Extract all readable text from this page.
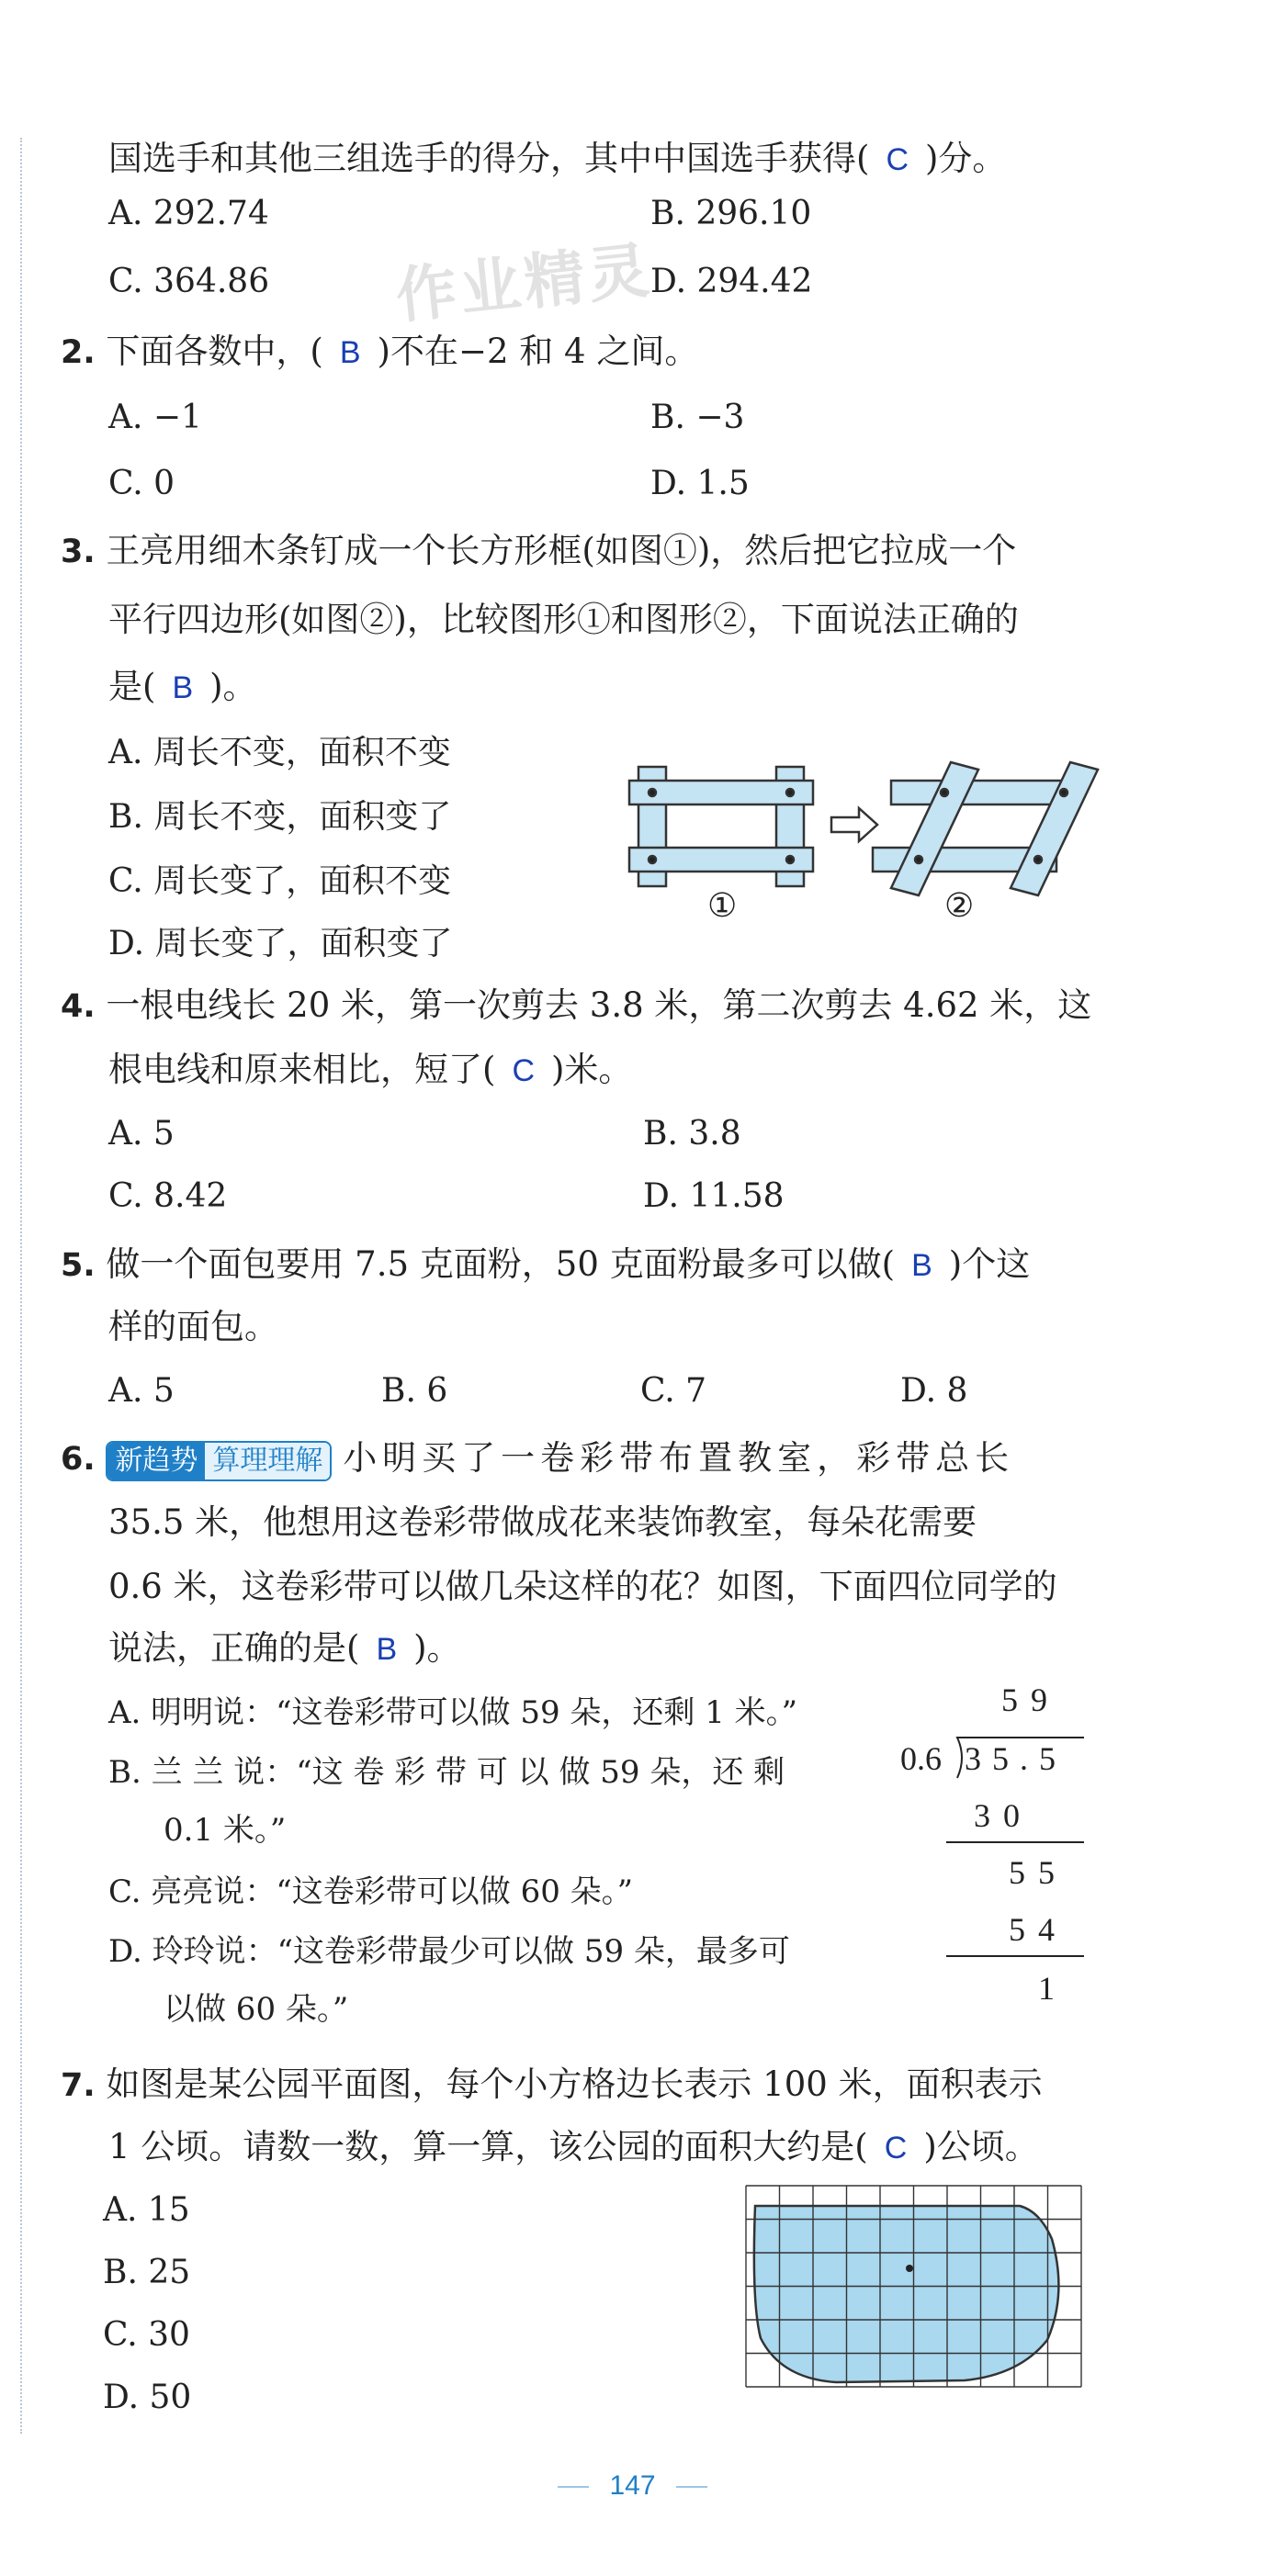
作业精灵
国选手和其他三组选手的得分，其中中国选手获得( C )分。
A. 292.74	B. 296.10
C. 364.86	D. 294.42
2. 下面各数中，( B )不在−2 和 4 之间。
A. −1	B. −3
C. 0	D. 1.5
3. 王亮用细木条钉成一个长方形框(如图①)，然后把它拉成一个
平行四边形(如图②)，比较图形①和图形②，下面说法正确的
是( B )。
A. 周长不变，面积不变
B. 周长不变，面积变了
C. 周长变了，面积不变
D. 周长变了，面积变了
①	②
4. 一根电线长 20 米，第一次剪去 3.8 米，第二次剪去 4.62 米，这
根电线和原来相比，短了( C )米。
A. 5	B. 3.8
C. 8.42	D. 11.58
5. 做一个面包要用 7.5 克面粉，50 克面粉最多可以做( B )个这
样的面包。
A. 5	B. 6	C. 7	D. 8
6. 新趋势 算理理解 小明买了一卷彩带布置教室，彩带总长
35.5 米，他想用这卷彩带做成花来装饰教室，每朵花需要
0.6 米，这卷彩带可以做几朵这样的花？如图，下面四位同学的
说法，正确的是( B )。
A. 明明说：“这卷彩带可以做 59 朵，还剩 1 米。”
B. 兰 兰 说：“这 卷 彩 带 可 以 做 59 朵，还 剩
0.1 米。”
C. 亮亮说：“这卷彩带可以做 60 朵。”
D. 玲玲说：“这卷彩带最少可以做 59 朵，最多可
以做 60 朵。”
59
0.6 35.5
30
55
54
1
7. 如图是某公园平面图，每个小方格边长表示 100 米，面积表示
1 公顷。请数一数，算一算，该公园的面积大约是( C )公顷。
A. 15
B. 25
C. 30
D. 50
147
